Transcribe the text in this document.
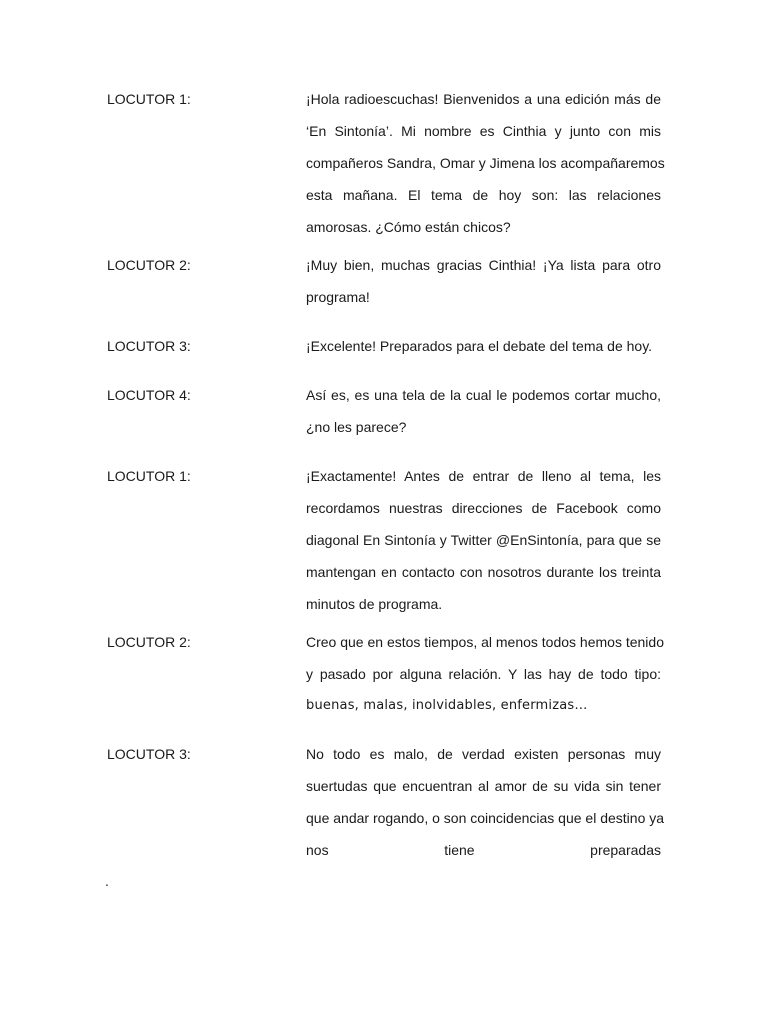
LOCUTOR 1:	¡Hola radioescuchas! Bienvenidos a una edición más de
‘En Sintonía’. Mi nombre es Cinthia y junto con mis
compañeros Sandra, Omar y Jimena los acompañaremos
esta mañana. El tema de hoy son: las relaciones
amorosas. ¿Cómo están chicos?

LOCUTOR 2:	¡Muy bien, muchas gracias Cinthia! ¡Ya lista para otro
programa!

LOCUTOR 3:	¡Excelente! Preparados para el debate del tema de hoy.

LOCUTOR 4:	Así es, es una tela de la cual le podemos cortar mucho,
¿no les parece?

LOCUTOR 1:	¡Exactamente! Antes de entrar de lleno al tema, les
recordamos nuestras direcciones de Facebook como
diagonal En Sintonía y Twitter @EnSintonía, para que se
mantengan en contacto con nosotros durante los treinta
minutos de programa.

LOCUTOR 2:	Creo que en estos tiempos, al menos todos hemos tenido
y pasado por alguna relación. Y las hay de todo tipo:
buenas, malas, inolvidables, enfermizas…

LOCUTOR 3:	No todo es malo, de verdad existen personas muy
suertudas que encuentran al amor de su vida sin tener
que andar rogando, o son coincidencias que el destino ya
nos tiene preparadas

.
